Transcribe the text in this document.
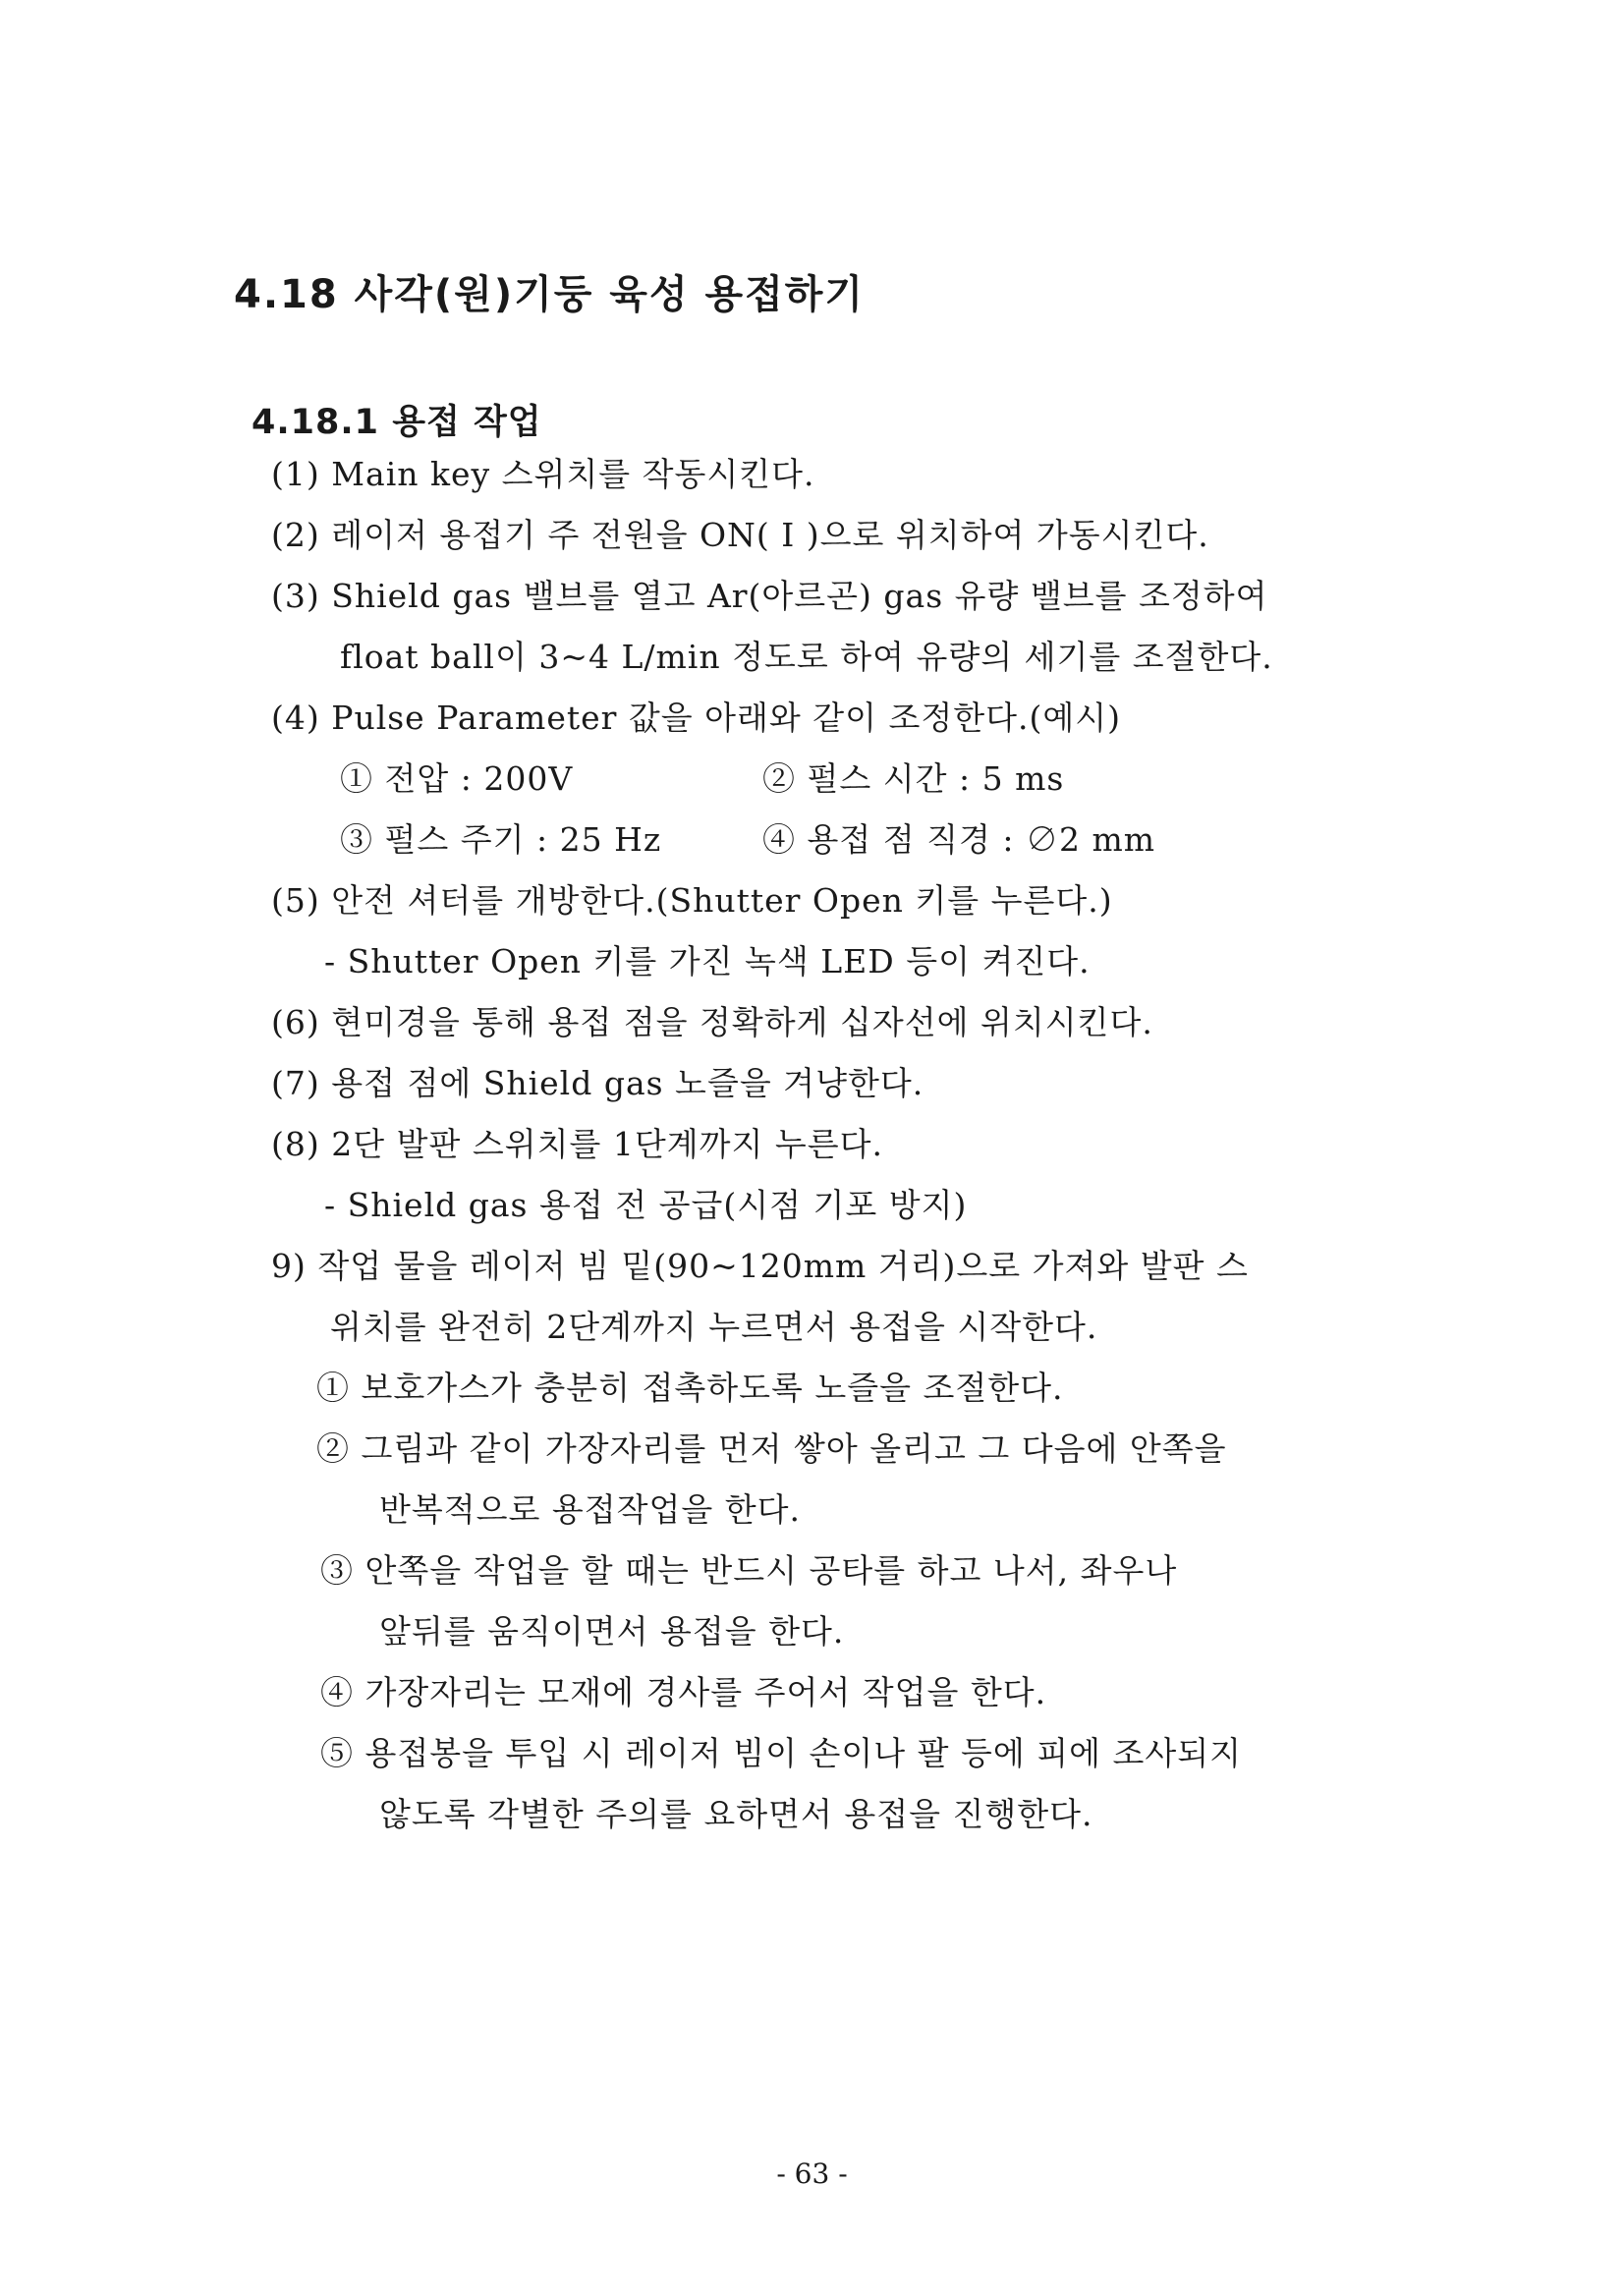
4.18 사각(원)기둥 육성 용접하기
4.18.1 용접 작업
(1) Main key 스위치를 작동시킨다.
(2) 레이저 용접기 주 전원을 ON( I )으로 위치하여 가동시킨다.
(3) Shield gas 밸브를 열고 Ar(아르곤) gas 유량 밸브를 조정하여
float ball이 3~4 L/min 정도로 하여 유량의 세기를 조절한다.
(4) Pulse Parameter 값을 아래와 같이 조정한다.(예시)
① 전압 : 200V	② 펄스 시간 : 5 ms
③ 펄스 주기 : 25 Hz	④ 용접 점 직경 : ∅2 mm
(5) 안전 셔터를 개방한다.(Shutter Open 키를 누른다.)
- Shutter Open 키를 가진 녹색 LED 등이 켜진다.
(6) 현미경을 통해 용접 점을 정확하게 십자선에 위치시킨다.
(7) 용접 점에 Shield gas 노즐을 겨냥한다.
(8) 2단 발판 스위치를 1단계까지 누른다.
- Shield gas 용접 전 공급(시점 기포 방지)
9) 작업 물을 레이저 빔 밑(90~120mm 거리)으로 가져와 발판 스
위치를 완전히 2단계까지 누르면서 용접을 시작한다.
① 보호가스가 충분히 접촉하도록 노즐을 조절한다.
② 그림과 같이 가장자리를 먼저 쌓아 올리고 그 다음에 안쪽을
반복적으로 용접작업을 한다.
③ 안쪽을 작업을 할 때는 반드시 공타를 하고 나서, 좌우나
앞뒤를 움직이면서 용접을 한다.
④ 가장자리는 모재에 경사를 주어서 작업을 한다.
⑤ 용접봉을 투입 시 레이저 빔이 손이나 팔 등에 피에 조사되지
않도록 각별한 주의를 요하면서 용접을 진행한다.
- 63 -
